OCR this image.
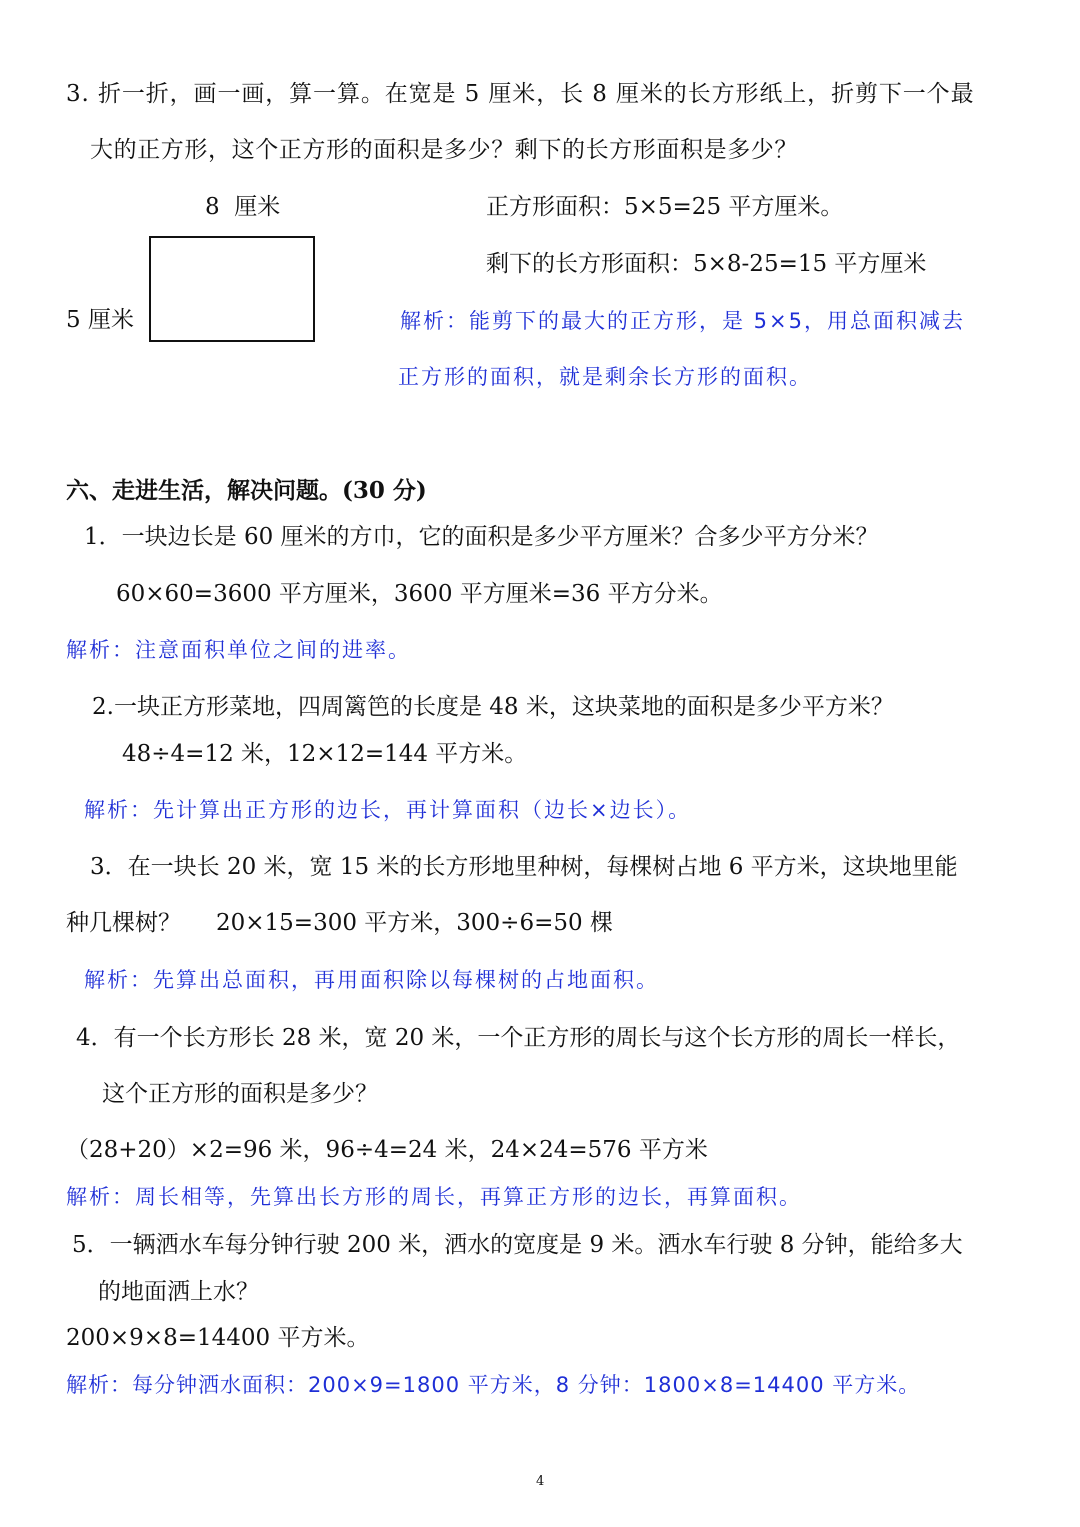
3. 折一折，画一画，算一算。在宽是 5 厘米，长 8 厘米的长方形纸上，折剪下一个最
大的正方形，这个正方形的面积是多少？剩下的长方形面积是多少？
8  厘米
5 厘米
正方形面积：5×5=25 平方厘米。
剩下的长方形面积：5×8-25=15 平方厘米
解析：能剪下的最大的正方形，是 5×5，用总面积减去
正方形的面积，就是剩余长方形的面积。
六、走进生活，解决问题。(30 分)
1．一块边长是 60 厘米的方巾，它的面积是多少平方厘米？合多少平方分米？
60×60=3600 平方厘米，3600 平方厘米=36 平方分米。
解析：注意面积单位之间的进率。
2.一块正方形菜地，四周篱笆的长度是 48 米，这块菜地的面积是多少平方米？
48÷4=12 米，12×12=144 平方米。
解析：先计算出正方形的边长，再计算面积（边长×边长）。
3．在一块长 20 米，宽 15 米的长方形地里种树，每棵树占地 6 平方米，这块地里能
种几棵树？ 20×15=300 平方米，300÷6=50 棵
解析：先算出总面积，再用面积除以每棵树的占地面积。
4．有一个长方形长 28 米，宽 20 米，一个正方形的周长与这个长方形的周长一样长，
这个正方形的面积是多少？
（28+20）×2=96 米，96÷4=24 米，24×24=576 平方米
解析：周长相等，先算出长方形的周长，再算正方形的边长，再算面积。
5．一辆洒水车每分钟行驶 200 米，洒水的宽度是 9 米。洒水车行驶 8 分钟，能给多大
的地面洒上水？
200×9×8=14400 平方米。
解析：每分钟洒水面积：200×9=1800 平方米，8 分钟：1800×8=14400 平方米。
4
